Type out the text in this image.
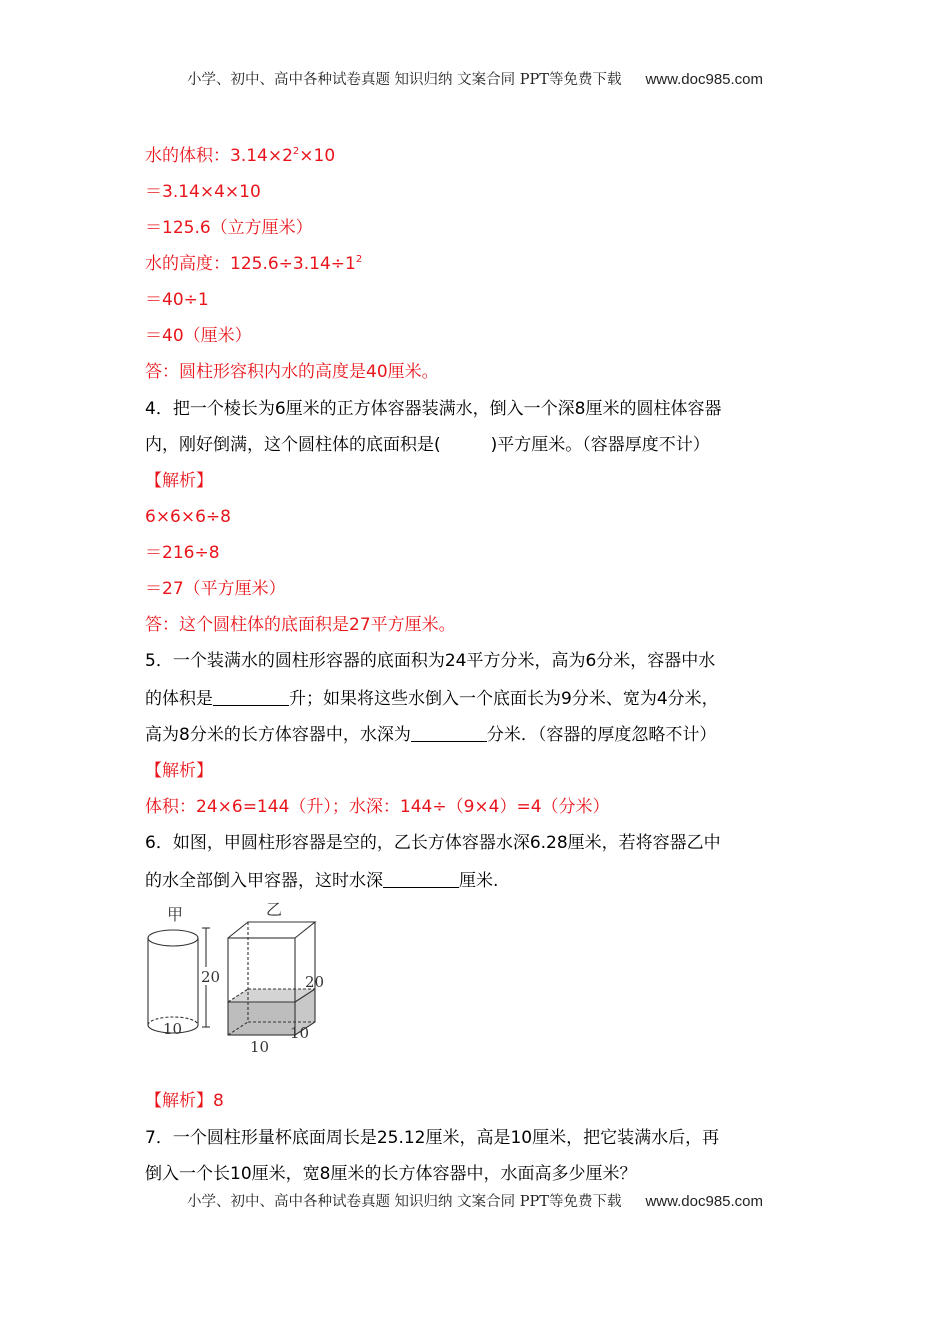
小学、初中、高中各种试卷真题 知识归纳 文案合同 PPT等免费下载 www.doc985.com
水的体积：$3.14\times 2^2\times 10$
＝3.14×4×10
＝125.6（立方厘米）
水的高度：$125.6\div 3.14\div 1^2$
＝40÷1
＝40（厘米）
答：圆柱形容积内水的高度是40厘米。
4．把一个棱长为6厘米的正方体容器装满水，倒入一个深8厘米的圆柱体容器
内，刚好倒满，这个圆柱体的底面积是(	)平方厘米。（容器厚度不计）
【解析】
6×6×6÷8
＝216÷8
＝27（平方厘米）
答：这个圆柱体的底面积是27平方厘米。
5．一个装满水的圆柱形容器的底面积为24平方分米，高为6分米，容器中水
的体积是	升；如果将这些水倒入一个底面长为9分米、宽为4分米，
高为8分米的长方体容器中，水深为	分米．（容器的厚度忽略不计）
【解析】
体积：24×6=144（升）；水深：144÷（9×4）=4（分米）
6．如图，甲圆柱形容器是空的，乙长方体容器水深6.28厘米，若将容器乙中
的水全部倒入甲容器，这时水深	厘米.
甲
20
10
乙
20
10
10
【解析】8
7．一个圆柱形量杯底面周长是25.12厘米，高是10厘米，把它装满水后，再
倒入一个长10厘米，宽8厘米的长方体容器中，水面高多少厘米？
小学、初中、高中各种试卷真题 知识归纳 文案合同 PPT等免费下载 www.doc985.com
